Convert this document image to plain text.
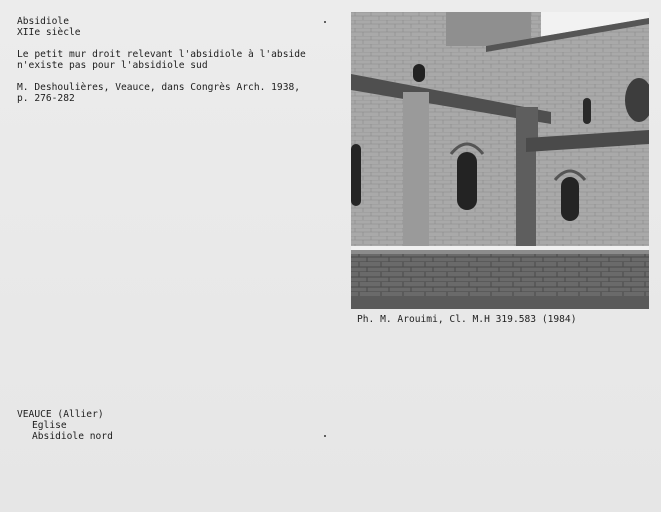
Absidiole
XIIe siècle
Le petit mur droit relevant l'absidiole à l'abside
n'existe pas pour l'absidiole sud
M. Deshoulières, Veauce, dans Congrès Arch. 1938,
p. 276-282
Ph. M. Arouimi, Cl. M.H 319.583 (1984)
VEAUCE (Allier)
Eglise
Absidiole nord
